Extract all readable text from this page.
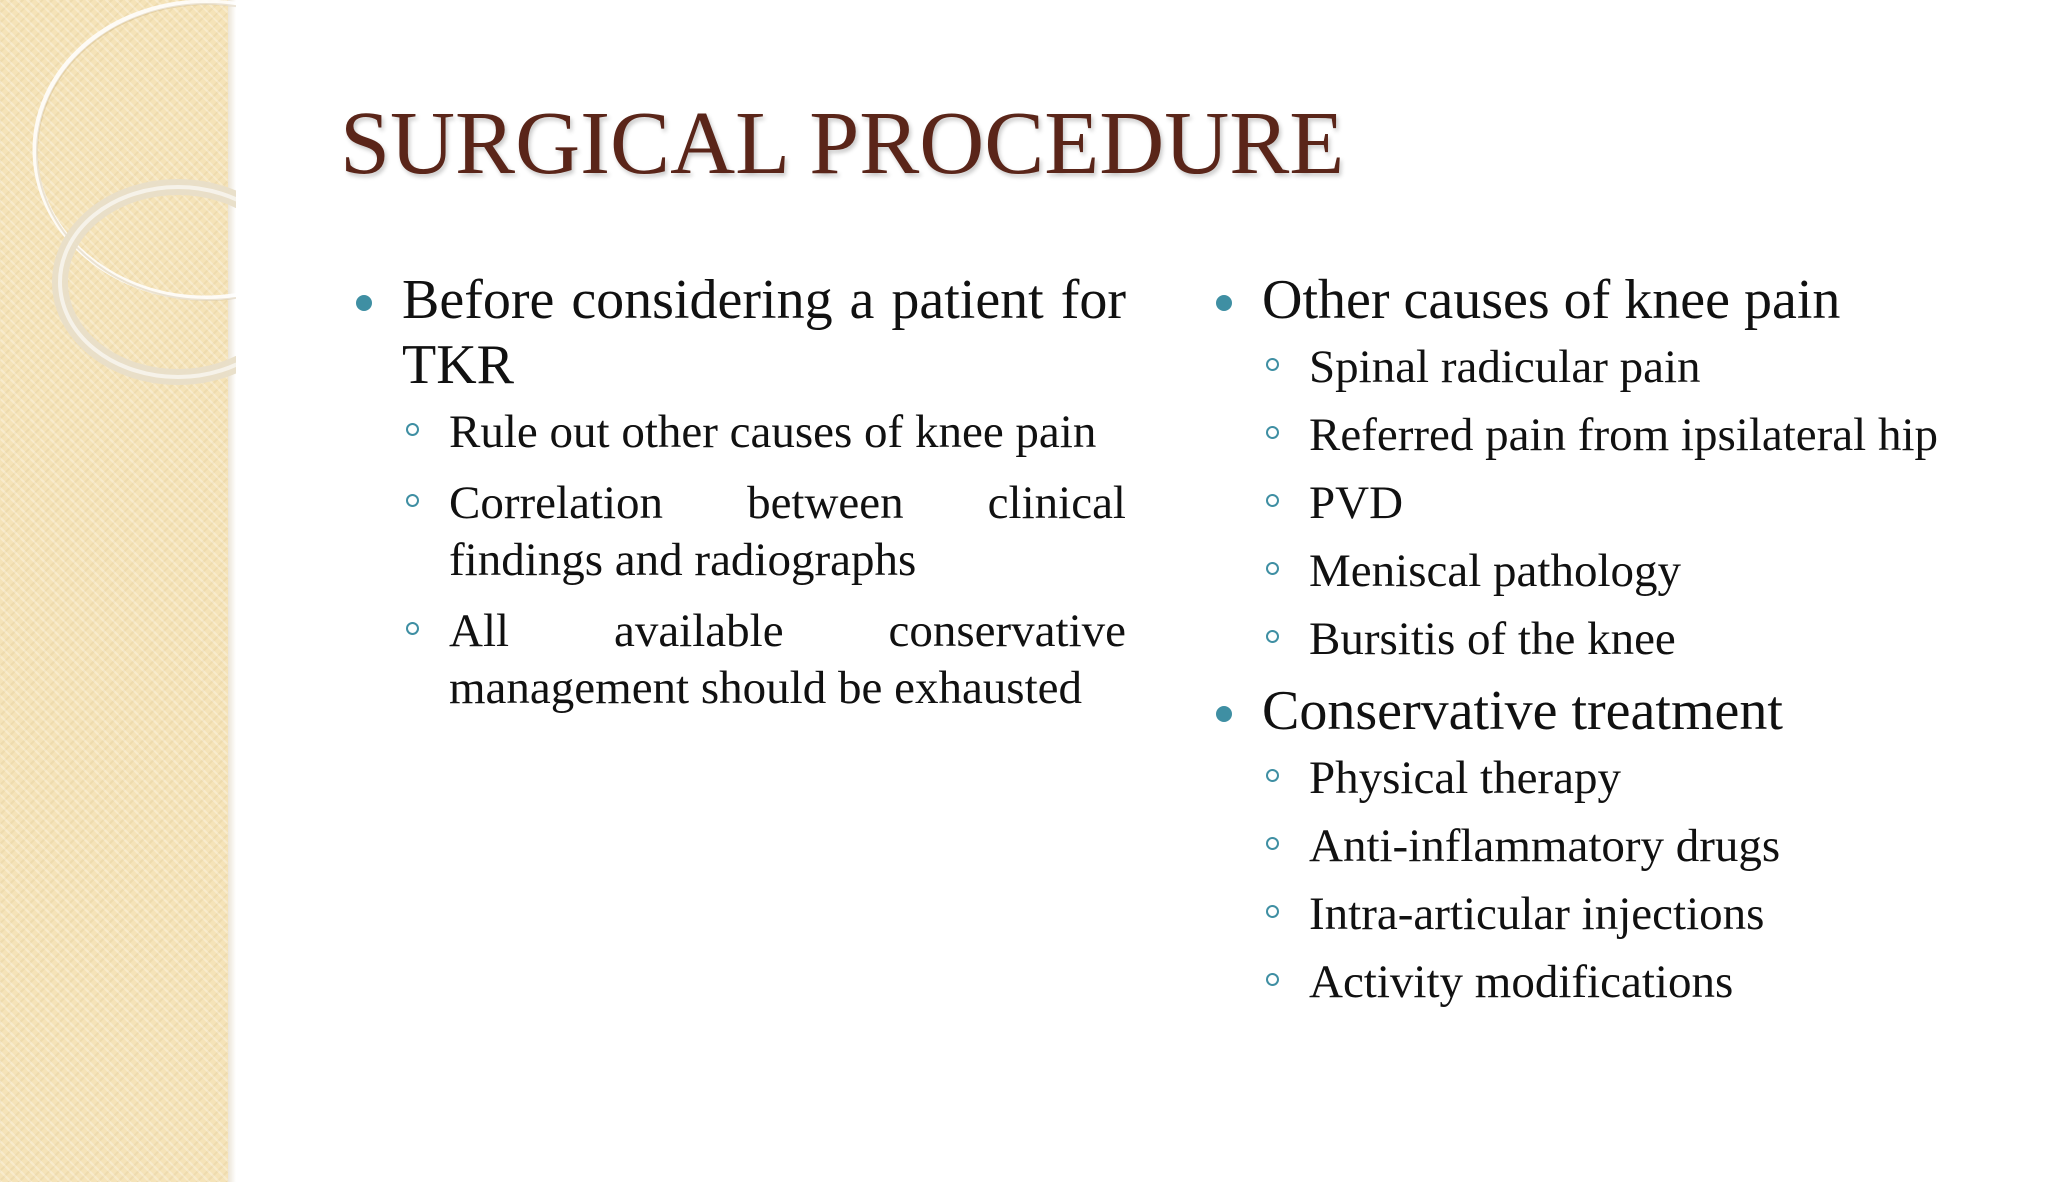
SURGICAL PROCEDURE
Before considering a patient for TKR
Rule out other causes of knee pain
Correlation between clinical findings and radiographs
All available conservative management should be exhausted
Other causes of knee pain
Spinal radicular pain
Referred pain from ipsilateral hip
PVD
Meniscal pathology
Bursitis of the knee
Conservative treatment
Physical therapy
Anti-inflammatory drugs
Intra-articular injections
Activity modifications
